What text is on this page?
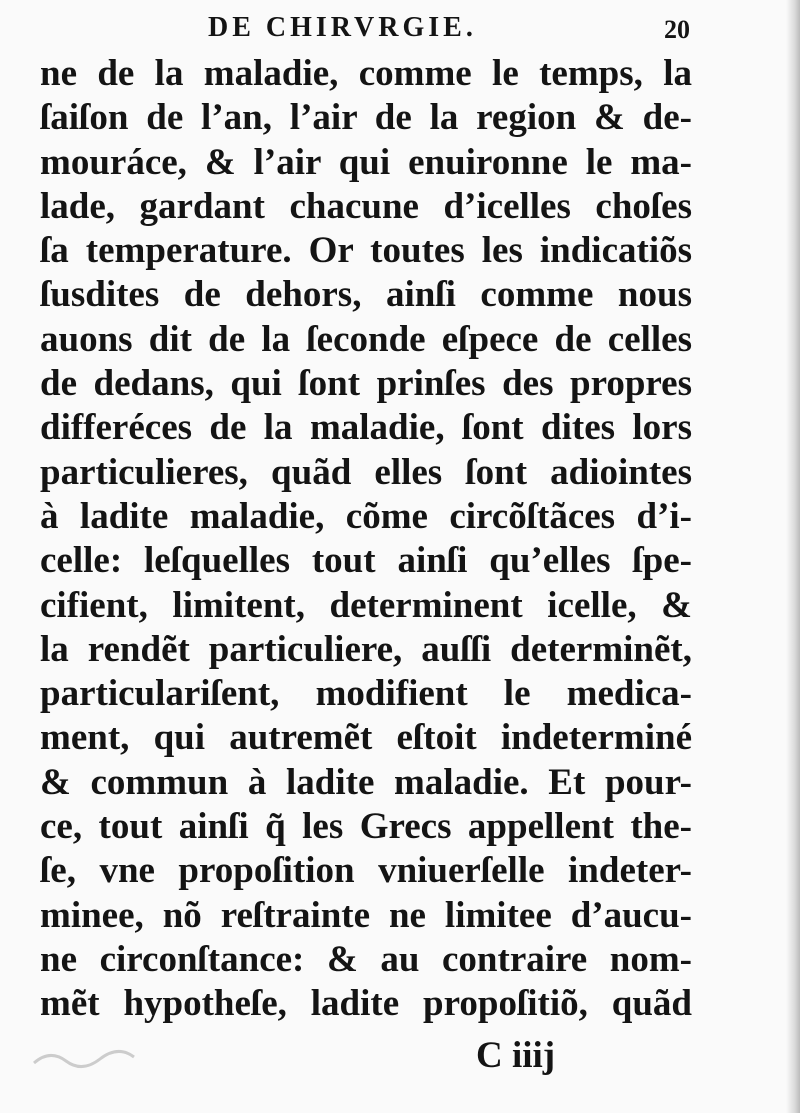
DE CHIRVRGIE.	20
ne de la maladie, comme le temps, la
ſaiſon de l’an, l’air de la region & de-
mouráce, & l’air qui enuironne le ma-
lade, gardant chacune d’icelles choſes
ſa temperature. Or toutes les indicatiõs
ſusdites de dehors, ainſi comme nous
auons dit de la ſeconde eſpece de celles
de dedans, qui ſont prinſes des propres
differéces de la maladie, ſont dites lors
particulieres, quãd elles ſont adiointes
à ladite maladie, cõme circõſtãces d’i-
celle: leſquelles tout ainſi qu’elles ſpe-
cifient, limitent, determinent icelle, &
la rendẽt particuliere, auſſi determinẽt,
particulariſent, modifient le medica-
ment, qui autremẽt eſtoit indeterminé
& commun à ladite maladie. Et pour-
ce, tout ainſi q̃ les Grecs appellent the-
ſe, vne propoſition vniuerſelle indeter-
minee, nõ reſtrainte ne limitee d’aucu-
ne circonſtance: & au contraire nom-
mẽt hypotheſe, ladite propoſitiõ, quãd
C iiij
